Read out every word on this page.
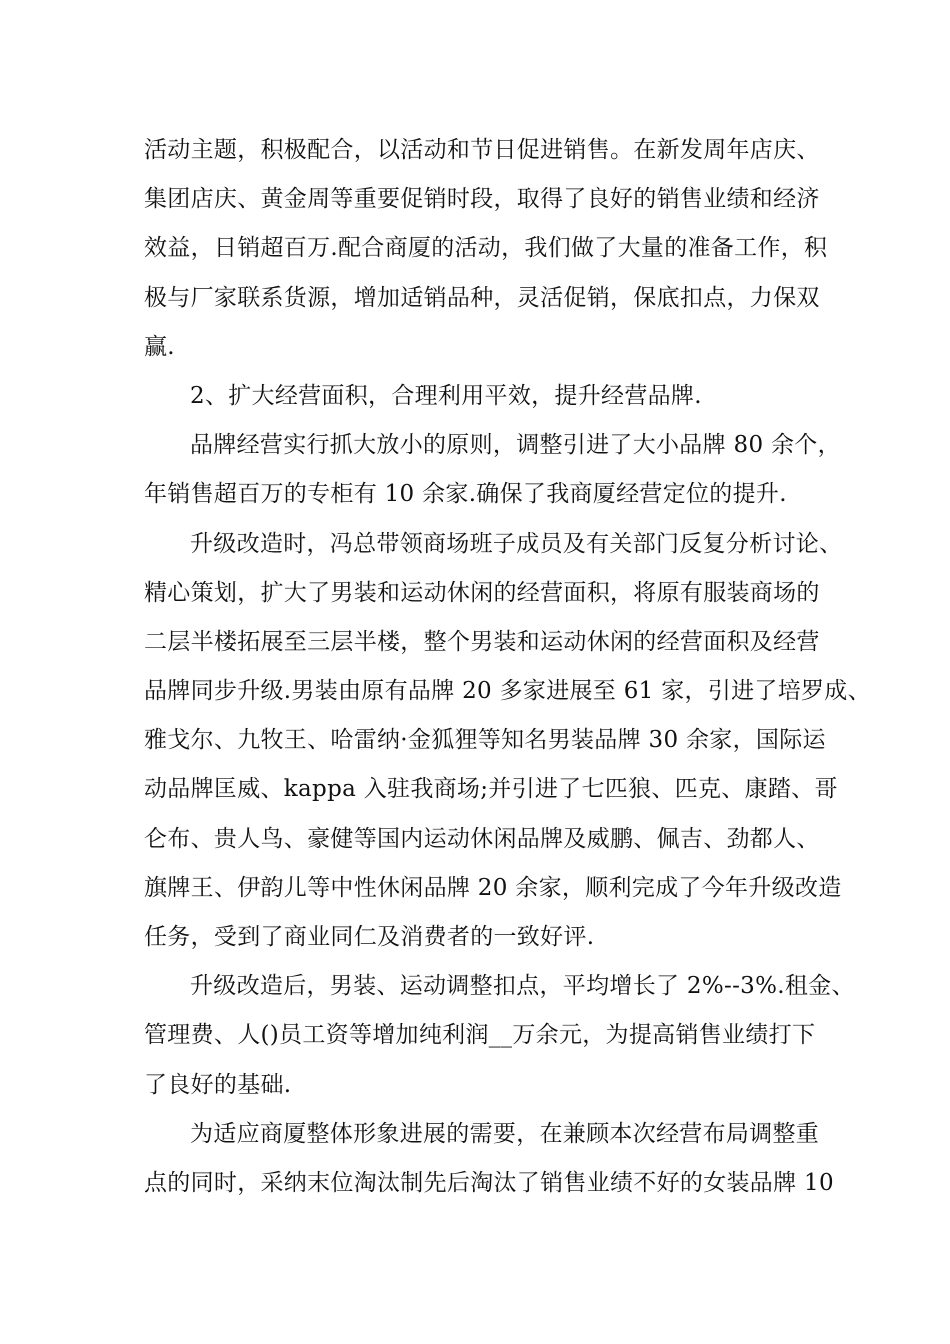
活动主题，积极配合，以活动和节日促进销售。在新发周年店庆、
集团店庆、黄金周等重要促销时段，取得了良好的销售业绩和经济
效益，日销超百万.配合商厦的活动，我们做了大量的准备工作，积
极与厂家联系货源，增加适销品种，灵活促销，保底扣点，力保双
赢.
2、扩大经营面积，合理利用平效，提升经营品牌.
品牌经营实行抓大放小的原则，调整引进了大小品牌 80 余个，
年销售超百万的专柜有 10 余家.确保了我商厦经营定位的提升.
升级改造时，冯总带领商场班子成员及有关部门反复分析讨论、
精心策划，扩大了男装和运动休闲的经营面积，将原有服装商场的
二层半楼拓展至三层半楼，整个男装和运动休闲的经营面积及经营
品牌同步升级.男装由原有品牌 20 多家进展至 61 家，引进了培罗成、
雅戈尔、九牧王、哈雷纳·金狐狸等知名男装品牌 30 余家，国际运
动品牌匡威、kappa 入驻我商场;并引进了七匹狼、匹克、康踏、哥
仑布、贵人鸟、豪健等国内运动休闲品牌及威鹏、佩吉、劲都人、
旗牌王、伊韵儿等中性休闲品牌 20 余家，顺利完成了今年升级改造
任务，受到了商业同仁及消费者的一致好评.
升级改造后，男装、运动调整扣点，平均增长了 2%--3%.租金、
管理费、人()员工资等增加纯利润__万余元，为提高销售业绩打下
了良好的基础.
为适应商厦整体形象进展的需要，在兼顾本次经营布局调整重
点的同时，采纳末位淘汰制先后淘汰了销售业绩不好的女装品牌 10
